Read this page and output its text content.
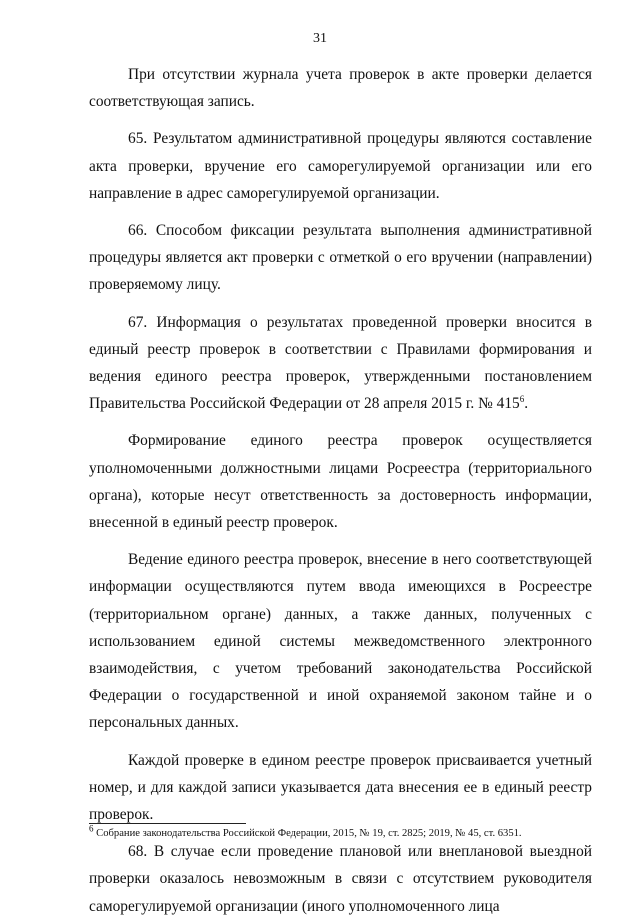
31

При отсутствии журнала учета проверок в акте проверки делается соответствующая запись.

65. Результатом административной процедуры являются составление акта проверки, вручение его саморегулируемой организации или его направление в адрес саморегулируемой организации.

66. Способом фиксации результата выполнения административной процедуры является акт проверки с отметкой о его вручении (направлении) проверяемому лицу.

67. Информация о результатах проведенной проверки вносится в единый реестр проверок в соответствии с Правилами формирования и ведения единого реестра проверок, утвержденными постановлением Правительства Российской Федерации от 28 апреля 2015 г. № $415^6$.

Формирование единого реестра проверок осуществляется уполномоченными должностными лицами Росреестра (территориального органа), которые несут ответственность за достоверность информации, внесенной в единый реестр проверок.

Ведение единого реестра проверок, внесение в него соответствующей информации осуществляются путем ввода имеющихся в Росреестре (территориальном органе) данных, а также данных, полученных с использованием единой системы межведомственного электронного взаимодействия, с учетом требований законодательства Российской Федерации о государственной и иной охраняемой законом тайне и о персональных данных.

Каждой проверке в едином реестре проверок присваивается учетный номер, и для каждой записи указывается дата внесения ее в единый реестр проверок.

68. В случае если проведение плановой или внеплановой выездной проверки оказалось невозможным в связи с отсутствием руководителя саморегулируемой организации (иного уполномоченного лица

$^6$ Собрание законодательства Российской Федерации, 2015, № 19, ст. 2825; 2019, № 45, ст. 6351.
